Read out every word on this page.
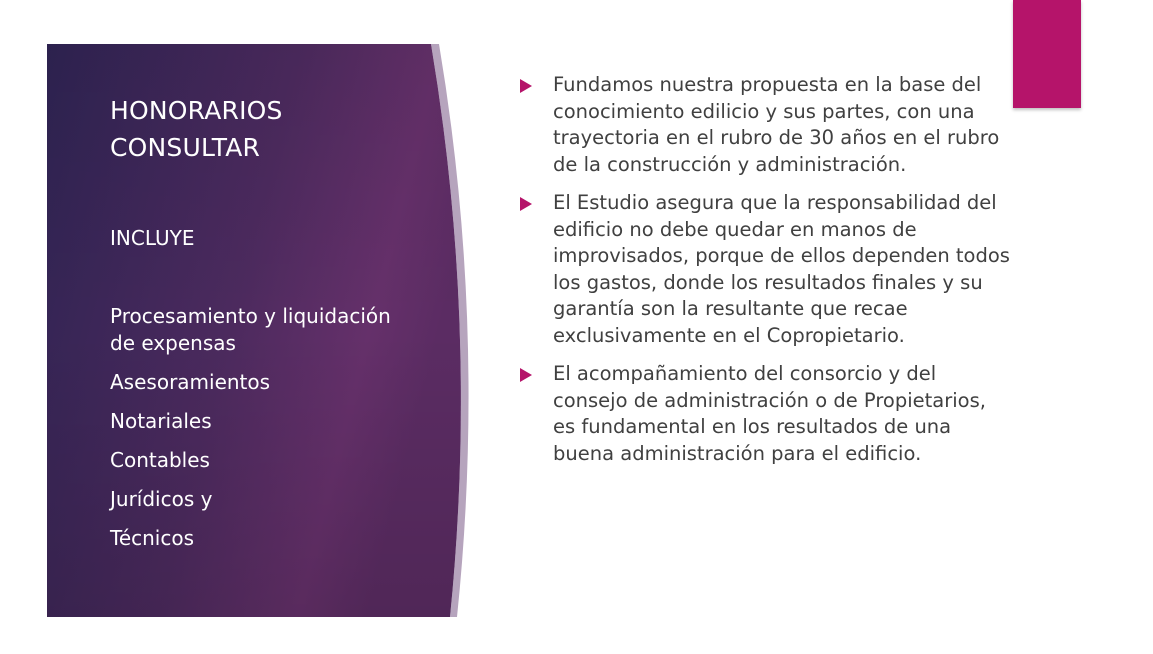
HONORARIOS
CONSULTAR
INCLUYE
Procesamiento y liquidación de expensas
Asesoramientos
Notariales
Contables
Jurídicos y
Técnicos
Fundamos nuestra propuesta en la base del conocimiento edilicio y sus partes, con una trayectoria en el rubro de 30 años en el rubro de la construcción y administración.
El Estudio asegura que la responsabilidad del edificio no debe quedar en manos de improvisados, porque de ellos dependen todos los gastos, donde los resultados finales y su garantía son la resultante que recae exclusivamente en el Copropietario.
El acompañamiento del consorcio y del consejo de administración o de Propietarios, es fundamental en los resultados de una buena administración para el edificio.
